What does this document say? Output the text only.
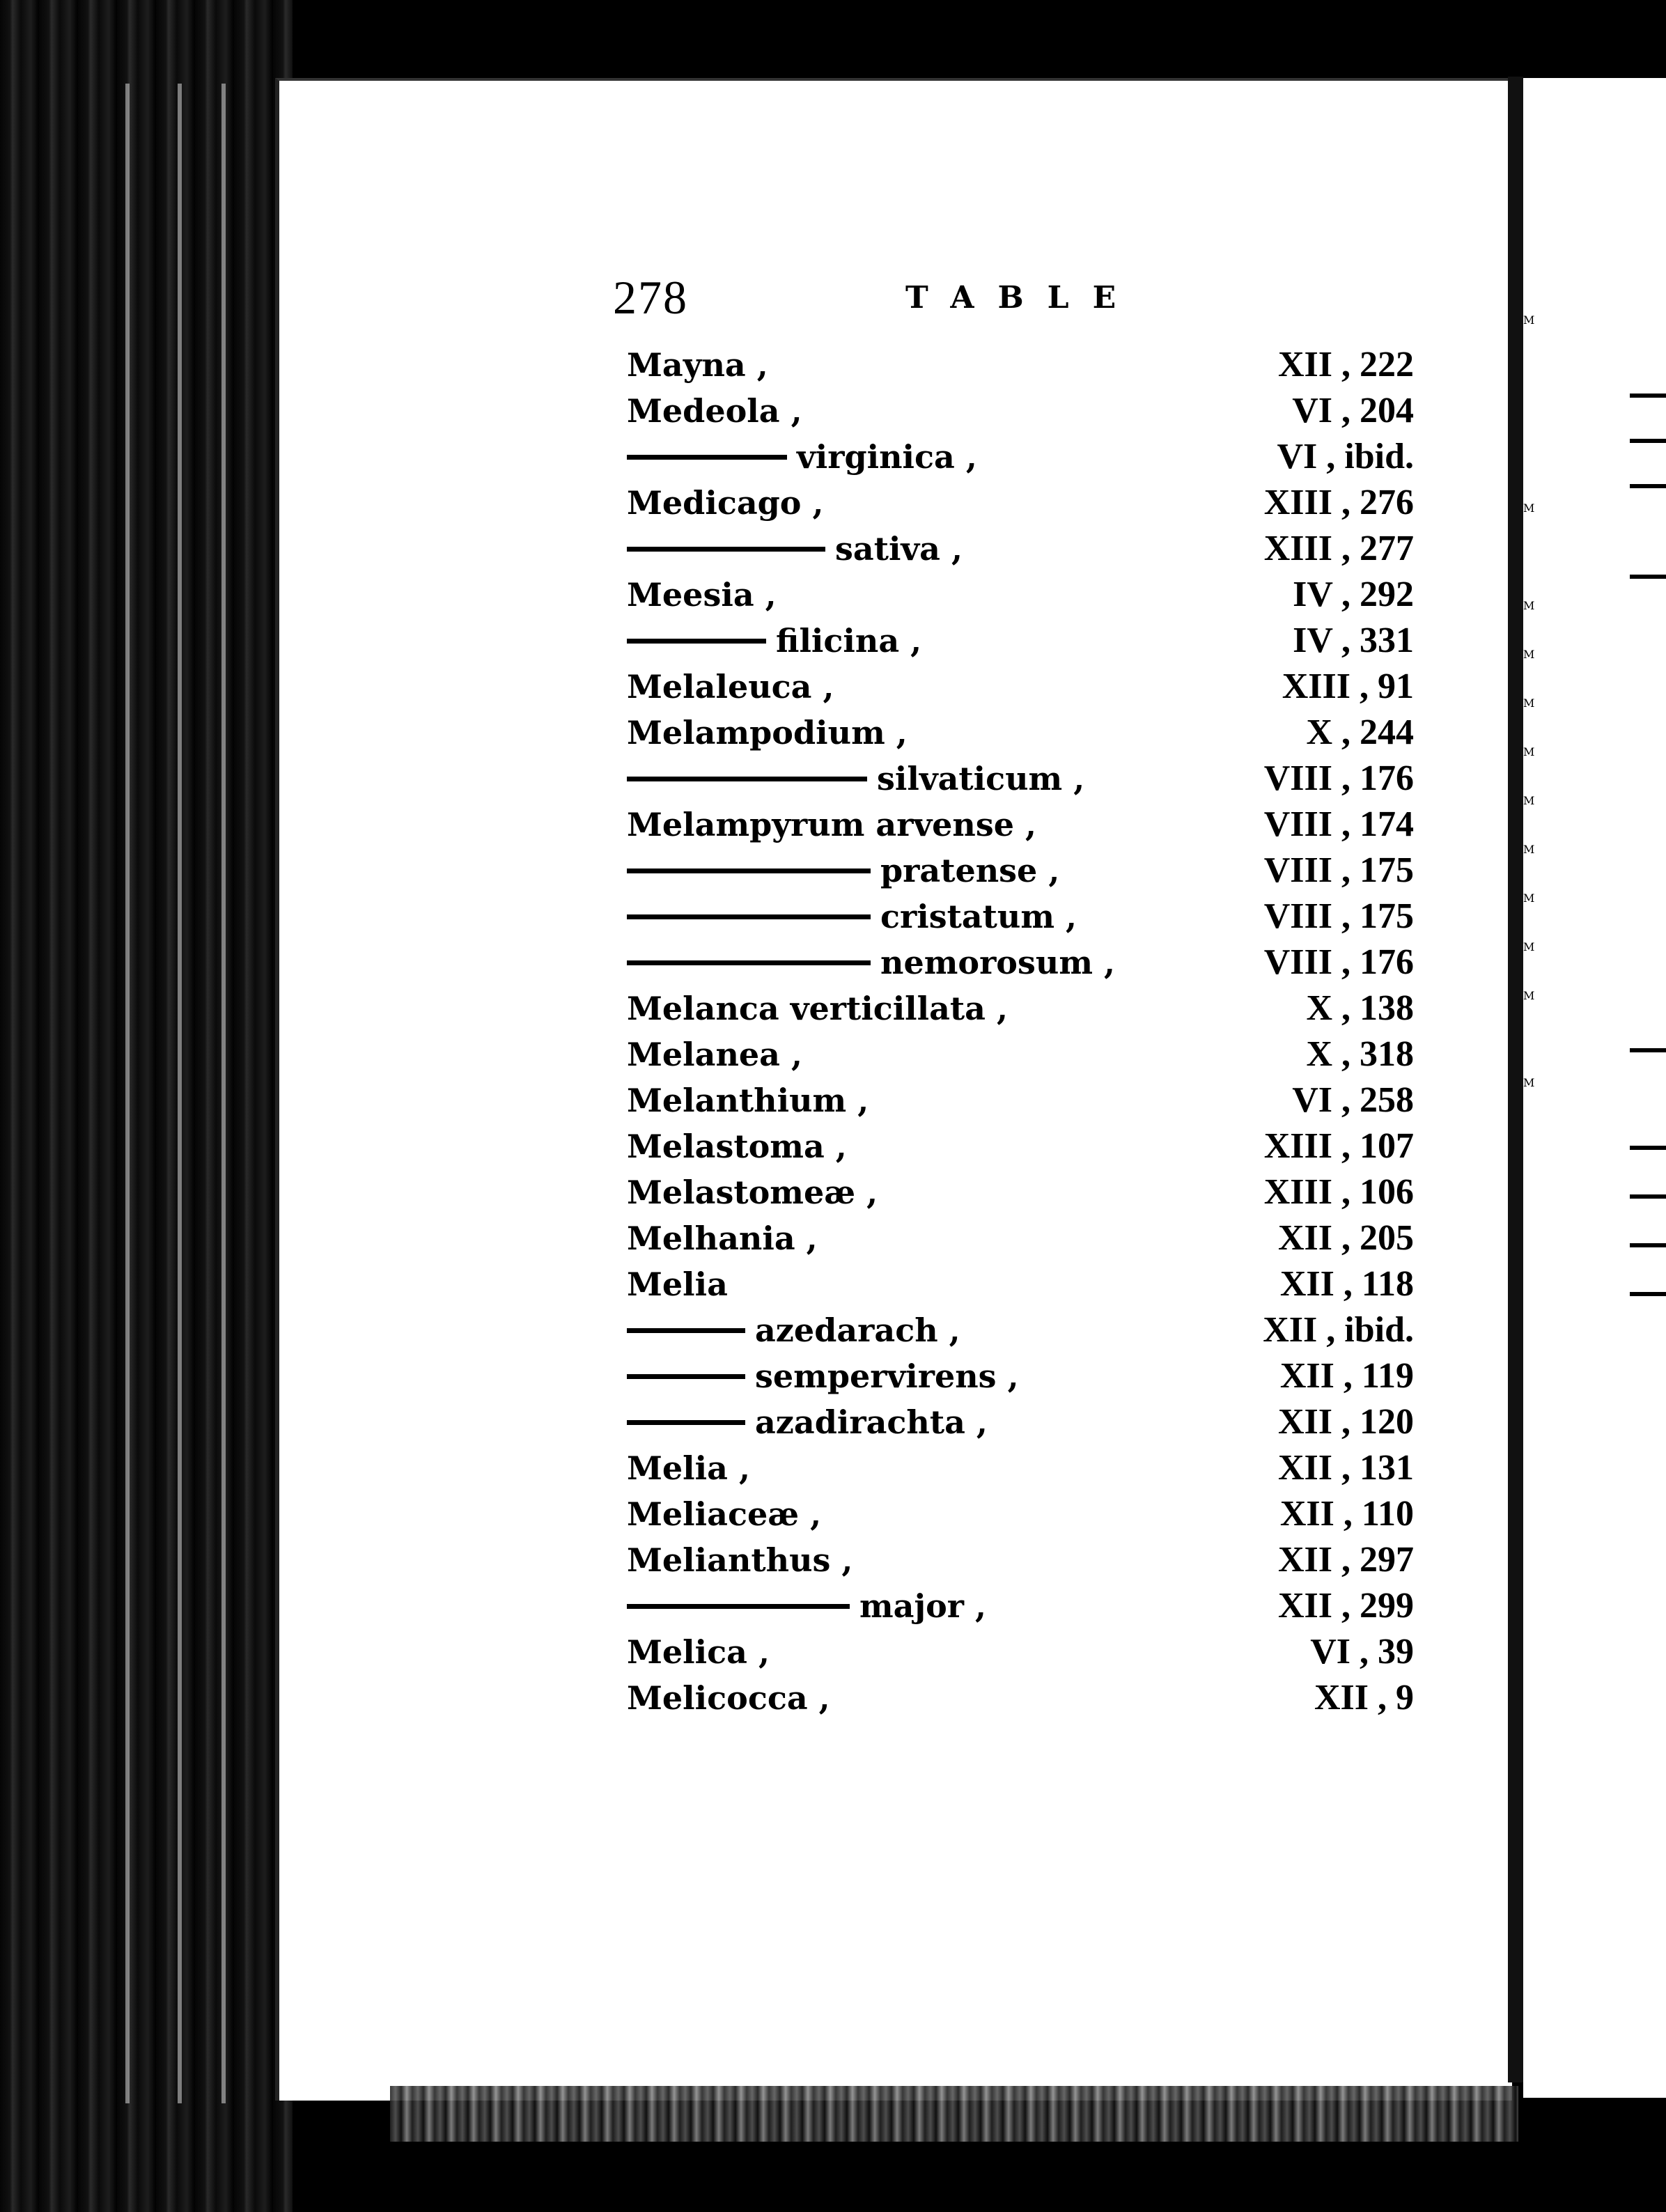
M
M
M
M
M
M
M
M
M
M
M
M
278	TABLE
Mayna ,	XII , 222
Medeola ,	VI , 204
virginica ,	VI , ibid.
Medicago ,	XIII , 276
sativa ,	XIII , 277
Meesia ,	IV , 292
filicina ,	IV , 331
Melaleuca ,	XIII , 91
Melampodium ,	X , 244
silvaticum ,	VIII , 176
Melampyrum arvense ,	VIII , 174
pratense ,	VIII , 175
cristatum ,	VIII , 175
nemorosum ,	VIII , 176
Melanca verticillata ,	X , 138
Melanea ,	X , 318
Melanthium ,	VI , 258
Melastoma ,	XIII , 107
Melastomeæ ,	XIII , 106
Melhania ,	XII , 205
Melia	XII , 118
azedarach ,	XII , ibid.
sempervirens ,	XII , 119
azadirachta ,	XII , 120
Melia ,	XII , 131
Meliaceæ ,	XII , 110
Melianthus ,	XII , 297
major ,	XII , 299
Melica ,	VI , 39
Melicocca ,	XII , 9
